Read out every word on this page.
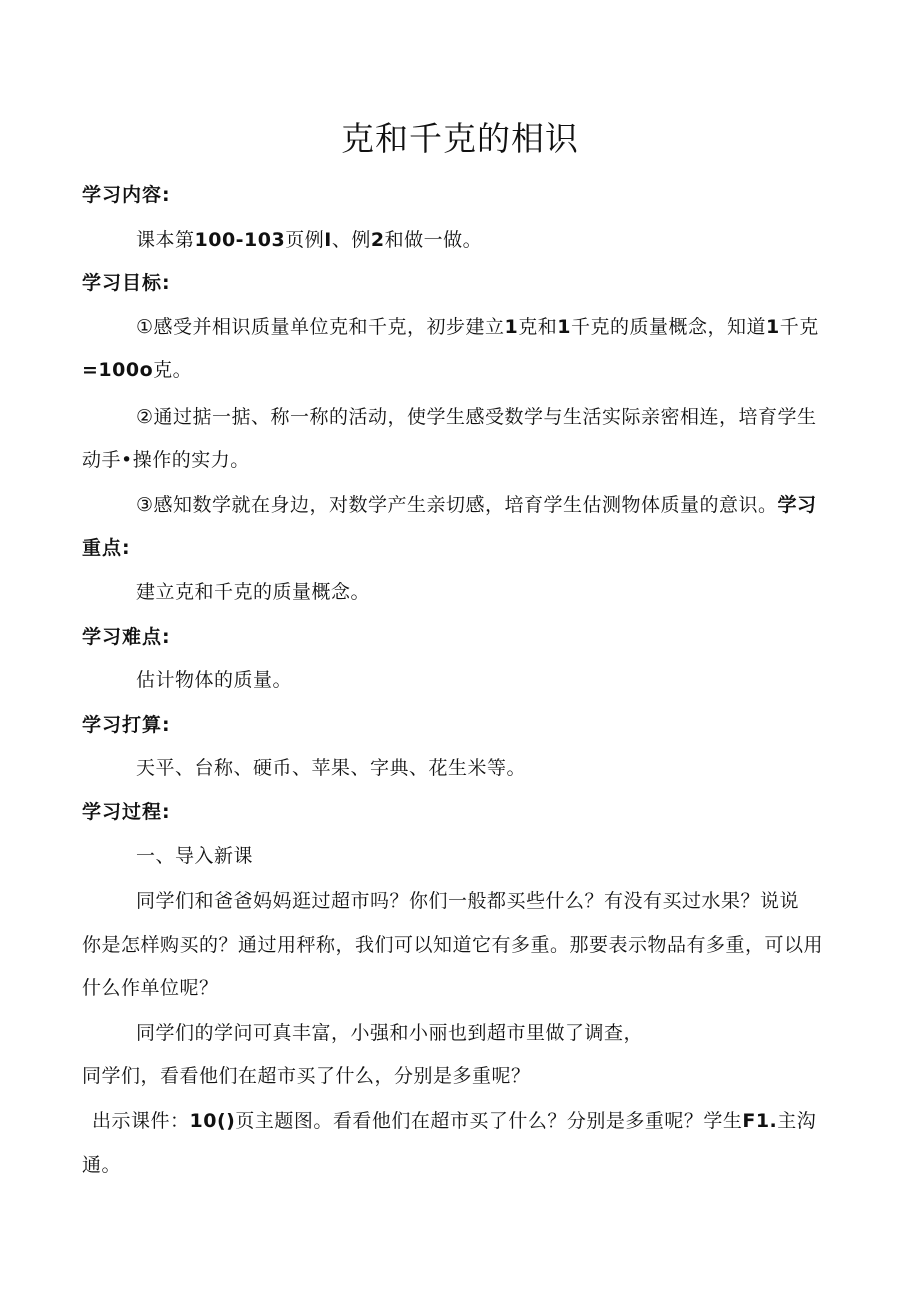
克和千克的相识
学习内容:
课本第100-103页例I、例2和做一做。
学习目标:
①感受并相识质量单位克和千克，初步建立1克和1千克的质量概念，知道1千克
=100o克。
②通过掂一掂、称一称的活动，使学生感受数学与生活实际亲密相连，培育学生
动手•操作的实力。
③感知数学就在身边，对数学产生亲切感，培育学生估测物体质量的意识。学习
重点:
建立克和千克的质量概念。
学习难点:
估计物体的质量。
学习打算:
天平、台称、硬币、苹果、字典、花生米等。
学习过程:
一、导入新课
同学们和爸爸妈妈逛过超市吗？你们一般都买些什么？有没有买过水果？说说
你是怎样购买的？通过用秤称，我们可以知道它有多重。那要表示物品有多重，可以用
什么作单位呢？
同学们的学问可真丰富，小强和小丽也到超市里做了调查，
同学们，看看他们在超市买了什么，分别是多重呢？
出示课件：10()页主题图。看看他们在超市买了什么？分别是多重呢？学生F1.主沟
通。
